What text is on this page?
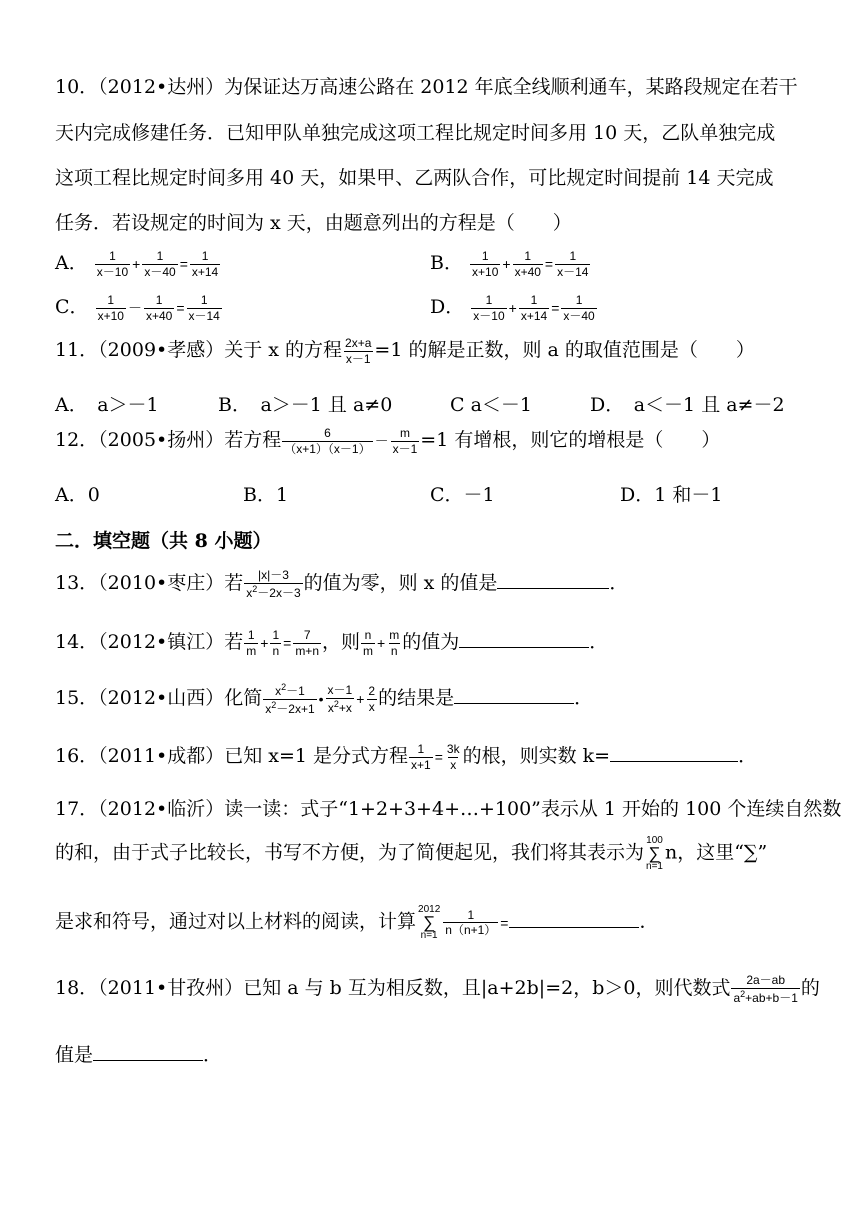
10．（2012•达州）为保证达万高速公路在 2012 年底全线顺利通车，某路段规定在若干
天内完成修建任务．已知甲队单独完成这项工程比规定时间多用 10 天，乙队单独完成
这项工程比规定时间多用 40 天，如果甲、乙两队合作，可比规定时间提前 14 天完成
任务．若设规定的时间为 x 天，由题意列出的方程是（　　）
A． $\frac{1}{x-10} + \frac{1}{x-40} = \frac{1}{x+14}$	B． $\frac{1}{x+10} + \frac{1}{x+40} = \frac{1}{x-14}$
C． $\frac{1}{x+10} - \frac{1}{x+40} = \frac{1}{x-14}$	D． $\frac{1}{x-10} + \frac{1}{x+14} = \frac{1}{x-40}$
11．（2009•孝感）关于 x 的方程 $\frac{2x+a}{x-1} =1$ 的解是正数，则 a 的取值范围是（　　）
A．　a＞－1	B．　a＞－1 且 a≠0	C a＜－1	D．　a＜－1 且 a≠－2
12．（2005•扬州）若方程 $\frac{6}{(x+1)(x-1)} - \frac{m}{x-1} =1$ 有增根，则它的增根是（　　）
A．0	B．1	C．－1	D．1 和－1
二．填空题（共 8 小题）
13．（2010•枣庄）若 $\frac{|x|-3}{x^2-2x-3}$ 的值为零，则 x 的值是	．
14．（2012•镇江）若 $\frac{1}{m} + \frac{1}{n} = \frac{7}{m+n}$ ，则 $\frac{n}{m} + \frac{m}{n}$ 的值为	．
15．（2012•山西）化简 $\frac{x^2-1}{x^2-2x+1}$ • $\frac{x-1}{x^2+x} + \frac{2}{x}$ 的结果是	．
16．（2011•成都）已知 x=1 是分式方程 $\frac{1}{x+1} = \frac{3k}{x}$ 的根，则实数 k=	．
17．（2012•临沂）读一读：式子“1+2+3+4+…+100”表示从 1 开始的 100 个连续自然数
的和，由于式子比较长，书写不方便，为了简便起见，我们将其表示为
100
∑
n=1
n，这里“∑”
是求和符号，通过对以上材料的阅读，计算
2012
∑
$n=1 \frac{1}{n(n+1)}$ =	．
18．（2011•甘孜州）已知 a 与 b 互为相反数，且|a+2b|=2，b＞0，则代数式 $\frac{2a-ab}{a^2+ab+b-1}$ 的
值是	．
